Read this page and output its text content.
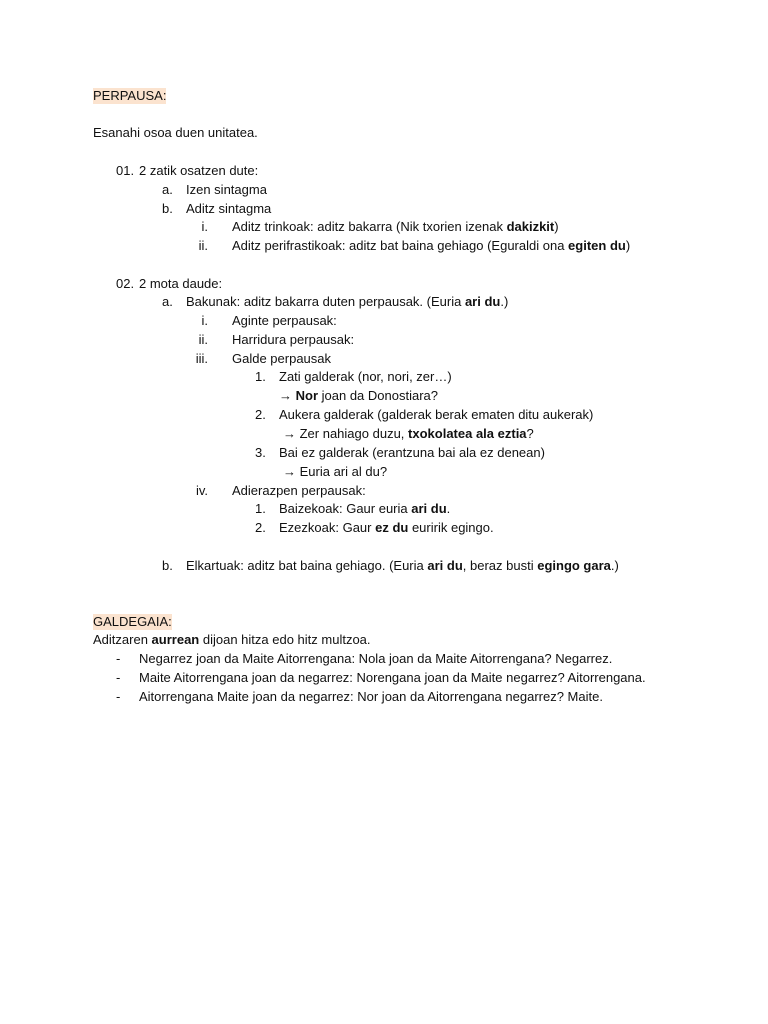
PERPAUSA:
Esanahi osoa duen unitatea.
01. 2 zatik osatzen dute:
a. Izen sintagma
b. Aditz sintagma
i. Aditz trinkoak: aditz bakarra (Nik txorien izenak dakizkit)
ii. Aditz perifrastikoak: aditz bat baina gehiago (Eguraldi ona egiten du)
02. 2 mota daude:
a. Bakunak: aditz bakarra duten perpausak. (Euria ari du.)
i. Aginte perpausak:
ii. Harridura perpausak:
iii. Galde perpausak
1. Zati galderak (nor, nori, zer…)
→ Nor joan da Donostiara?
2. Aukera galderak (galderak berak ematen ditu aukerak)
→ Zer nahiago duzu, txokolatea ala eztia?
3. Bai ez galderak (erantzuna bai ala ez denean)
→ Euria ari al du?
iv. Adierazpen perpausak:
1. Baizekoak: Gaur euria ari du.
2. Ezezkoak: Gaur ez du euririk egingo.
b. Elkartuak: aditz bat baina gehiago. (Euria ari du, beraz busti egingo gara.)
GALDEGAIA:
Aditzaren aurrean dijoan hitza edo hitz multzoa.
- Negarrez joan da Maite Aitorrengana: Nola joan da Maite Aitorrengana? Negarrez.
- Maite Aitorrengana joan da negarrez: Norengana joan da Maite negarrez? Aitorrengana.
- Aitorrengana Maite joan da negarrez: Nor joan da Aitorrengana negarrez? Maite.
